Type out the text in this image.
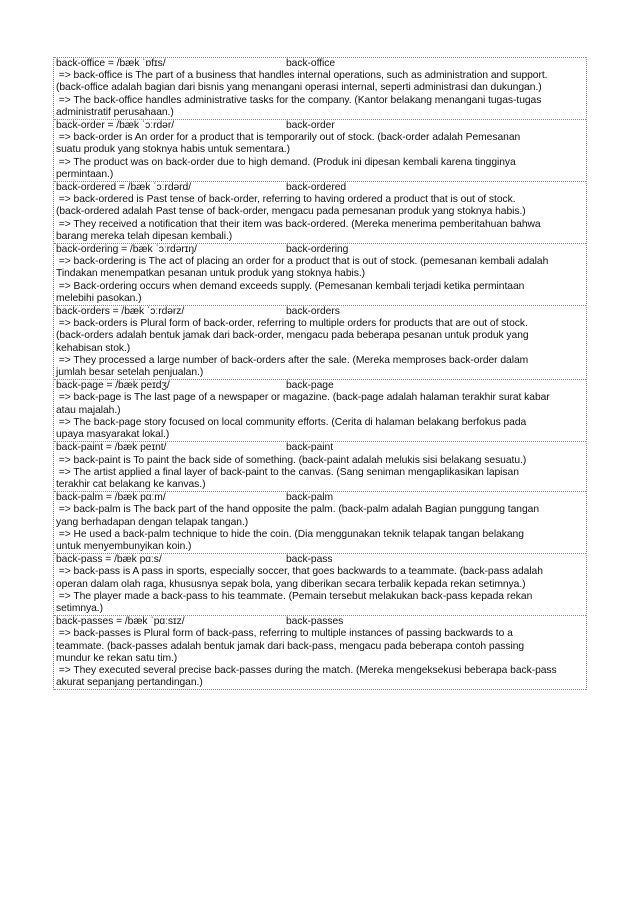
back-office = /bæk ˈɒfɪs/	back-office
=> back-office is The part of a business that handles internal operations, such as administration and support.
(back-office adalah bagian dari bisnis yang menangani operasi internal, seperti administrasi dan dukungan.)
=> The back-office handles administrative tasks for the company. (Kantor belakang menangani tugas-tugas
administratif perusahaan.)
back-order = /bæk ˈɔːrdər/	back-order
=> back-order is An order for a product that is temporarily out of stock. (back-order adalah Pemesanan
suatu produk yang stoknya habis untuk sementara.)
=> The product was on back-order due to high demand. (Produk ini dipesan kembali karena tingginya
permintaan.)
back-ordered = /bæk ˈɔːrdərd/	back-ordered
=> back-ordered is Past tense of back-order, referring to having ordered a product that is out of stock.
(back-ordered adalah Past tense of back-order, mengacu pada pemesanan produk yang stoknya habis.)
=> They received a notification that their item was back-ordered. (Mereka menerima pemberitahuan bahwa
barang mereka telah dipesan kembali.)
back-ordering = /bæk ˈɔːrdərɪŋ/	back-ordering
=> back-ordering is The act of placing an order for a product that is out of stock. (pemesanan kembali adalah
Tindakan menempatkan pesanan untuk produk yang stoknya habis.)
=> Back-ordering occurs when demand exceeds supply. (Pemesanan kembali terjadi ketika permintaan
melebihi pasokan.)
back-orders = /bæk ˈɔːrdərz/	back-orders
=> back-orders is Plural form of back-order, referring to multiple orders for products that are out of stock.
(back-orders adalah bentuk jamak dari back-order, mengacu pada beberapa pesanan untuk produk yang
kehabisan stok.)
=> They processed a large number of back-orders after the sale. (Mereka memproses back-order dalam
jumlah besar setelah penjualan.)
back-page = /bæk peɪdʒ/	back-page
=> back-page is The last page of a newspaper or magazine. (back-page adalah halaman terakhir surat kabar
atau majalah.)
=> The back-page story focused on local community efforts. (Cerita di halaman belakang berfokus pada
upaya masyarakat lokal.)
back-paint = /bæk peɪnt/	back-paint
=> back-paint is To paint the back side of something. (back-paint adalah melukis sisi belakang sesuatu.)
=> The artist applied a final layer of back-paint to the canvas. (Sang seniman mengaplikasikan lapisan
terakhir cat belakang ke kanvas.)
back-palm = /bæk pɑːm/	back-palm
=> back-palm is The back part of the hand opposite the palm. (back-palm adalah Bagian punggung tangan
yang berhadapan dengan telapak tangan.)
=> He used a back-palm technique to hide the coin. (Dia menggunakan teknik telapak tangan belakang
untuk menyembunyikan koin.)
back-pass = /bæk pɑːs/	back-pass
=> back-pass is A pass in sports, especially soccer, that goes backwards to a teammate. (back-pass adalah
operan dalam olah raga, khususnya sepak bola, yang diberikan secara terbalik kepada rekan setimnya.)
=> The player made a back-pass to his teammate. (Pemain tersebut melakukan back-pass kepada rekan
setimnya.)
back-passes = /bæk ˈpɑːsɪz/	back-passes
=> back-passes is Plural form of back-pass, referring to multiple instances of passing backwards to a
teammate. (back-passes adalah bentuk jamak dari back-pass, mengacu pada beberapa contoh passing
mundur ke rekan satu tim.)
=> They executed several precise back-passes during the match. (Mereka mengeksekusi beberapa back-pass
akurat sepanjang pertandingan.)
